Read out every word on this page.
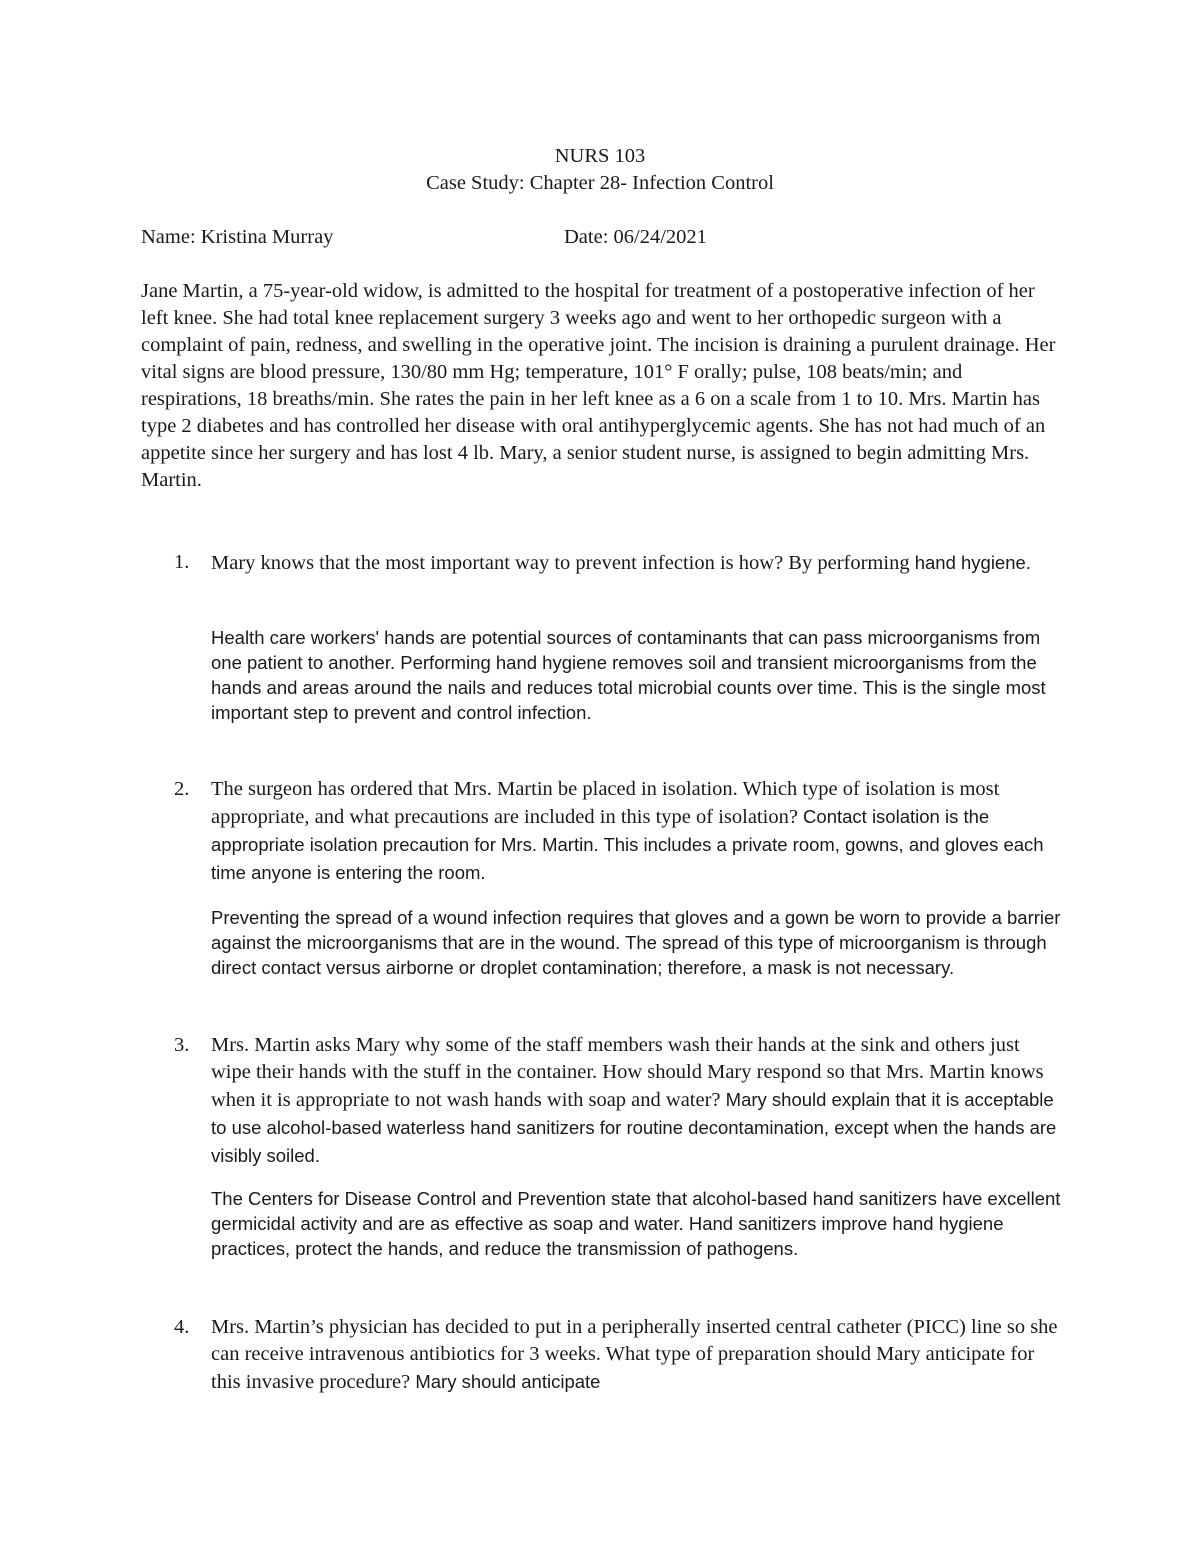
NURS 103
Case Study: Chapter 28- Infection Control
Name: Kristina Murray	Date: 06/24/2021

Jane Martin, a 75-year-old widow, is admitted to the hospital for treatment of a postoperative infection of her left knee. She had total knee replacement surgery 3 weeks ago and went to her orthopedic surgeon with a complaint of pain, redness, and swelling in the operative joint. The incision is draining a purulent drainage. Her vital signs are blood pressure, 130/80 mm Hg; temperature, 101° F orally; pulse, 108 beats/min; and respirations, 18 breaths/min. She rates the pain in her left knee as a 6 on a scale from 1 to 10. Mrs. Martin has type 2 diabetes and has controlled her disease with oral antihyperglycemic agents. She has not had much of an appetite since her surgery and has lost 4 lb. Mary, a senior student nurse, is assigned to begin admitting Mrs. Martin.

1.	Mary knows that the most important way to prevent infection is how? By performing hand hygiene.

Health care workers' hands are potential sources of contaminants that can pass microorganisms from one patient to another. Performing hand hygiene removes soil and transient microorganisms from the hands and areas around the nails and reduces total microbial counts over time. This is the single most important step to prevent and control infection.

2.	The surgeon has ordered that Mrs. Martin be placed in isolation. Which type of isolation is most appropriate, and what precautions are included in this type of isolation? Contact isolation is the appropriate isolation precaution for Mrs. Martin. This includes a private room, gowns, and gloves each time anyone is entering the room.

Preventing the spread of a wound infection requires that gloves and a gown be worn to provide a barrier against the microorganisms that are in the wound. The spread of this type of microorganism is through direct contact versus airborne or droplet contamination; therefore, a mask is not necessary.

3.	Mrs. Martin asks Mary why some of the staff members wash their hands at the sink and others just wipe their hands with the stuff in the container. How should Mary respond so that Mrs. Martin knows when it is appropriate to not wash hands with soap and water? Mary should explain that it is acceptable to use alcohol-based waterless hand sanitizers for routine decontamination, except when the hands are visibly soiled.

The Centers for Disease Control and Prevention state that alcohol-based hand sanitizers have excellent germicidal activity and are as effective as soap and water. Hand sanitizers improve hand hygiene practices, protect the hands, and reduce the transmission of pathogens.

4.	Mrs. Martin’s physician has decided to put in a peripherally inserted central catheter (PICC) line so she can receive intravenous antibiotics for 3 weeks. What type of preparation should Mary anticipate for this invasive procedure? Mary should anticipate
